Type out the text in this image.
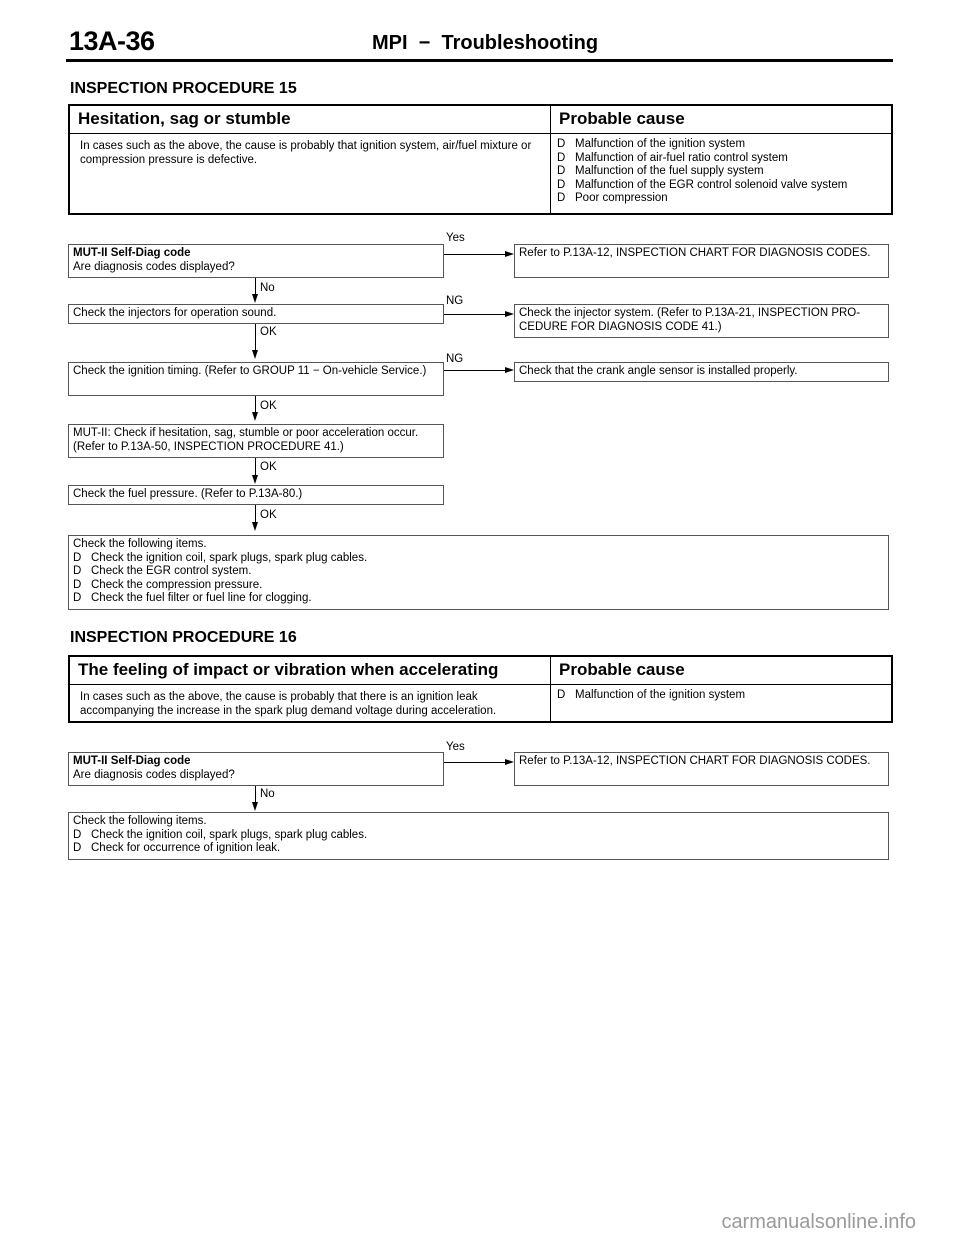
13A-36	MPI  −  Troubleshooting
INSPECTION PROCEDURE 15
Hesitation, sag or stumble	Probable cause
In cases such as the above, the cause is probably that ignition system, air/fuel mixture or compression pressure is defective.
D Malfunction of the ignition system
D Malfunction of air-fuel ratio control system
D Malfunction of the fuel supply system
D Malfunction of the EGR control solenoid valve system
D Poor compression
MUT-II Self-Diag code
Are diagnosis codes displayed?
Yes
Refer to P.13A-12, INSPECTION CHART FOR DIAGNOSIS CODES.
No
Check the injectors for operation sound.
NG
Check the injector system. (Refer to P.13A-21, INSPECTION PRO- CEDURE FOR DIAGNOSIS CODE 41.)
OK
Check the ignition timing. (Refer to GROUP 11 − On-vehicle Service.)
NG
Check that the crank angle sensor is installed properly.
OK
MUT-II: Check if hesitation, sag, stumble or poor acceleration occur. (Refer to P.13A-50, INSPECTION PROCEDURE 41.)
OK
Check the fuel pressure. (Refer to P.13A-80.)
OK
Check the following items.
D Check the ignition coil, spark plugs, spark plug cables.
D Check the EGR control system.
D Check the compression pressure.
D Check the fuel filter or fuel line for clogging.
INSPECTION PROCEDURE 16
The feeling of impact or vibration when accelerating	Probable cause
In cases such as the above, the cause is probably that there is an ignition leak accompanying the increase in the spark plug demand voltage during acceleration.
D Malfunction of the ignition system
MUT-II Self-Diag code
Are diagnosis codes displayed?
Yes
Refer to P.13A-12, INSPECTION CHART FOR DIAGNOSIS CODES.
No
Check the following items.
D Check the ignition coil, spark plugs, spark plug cables.
D Check for occurrence of ignition leak.
carmanualsonline.info
